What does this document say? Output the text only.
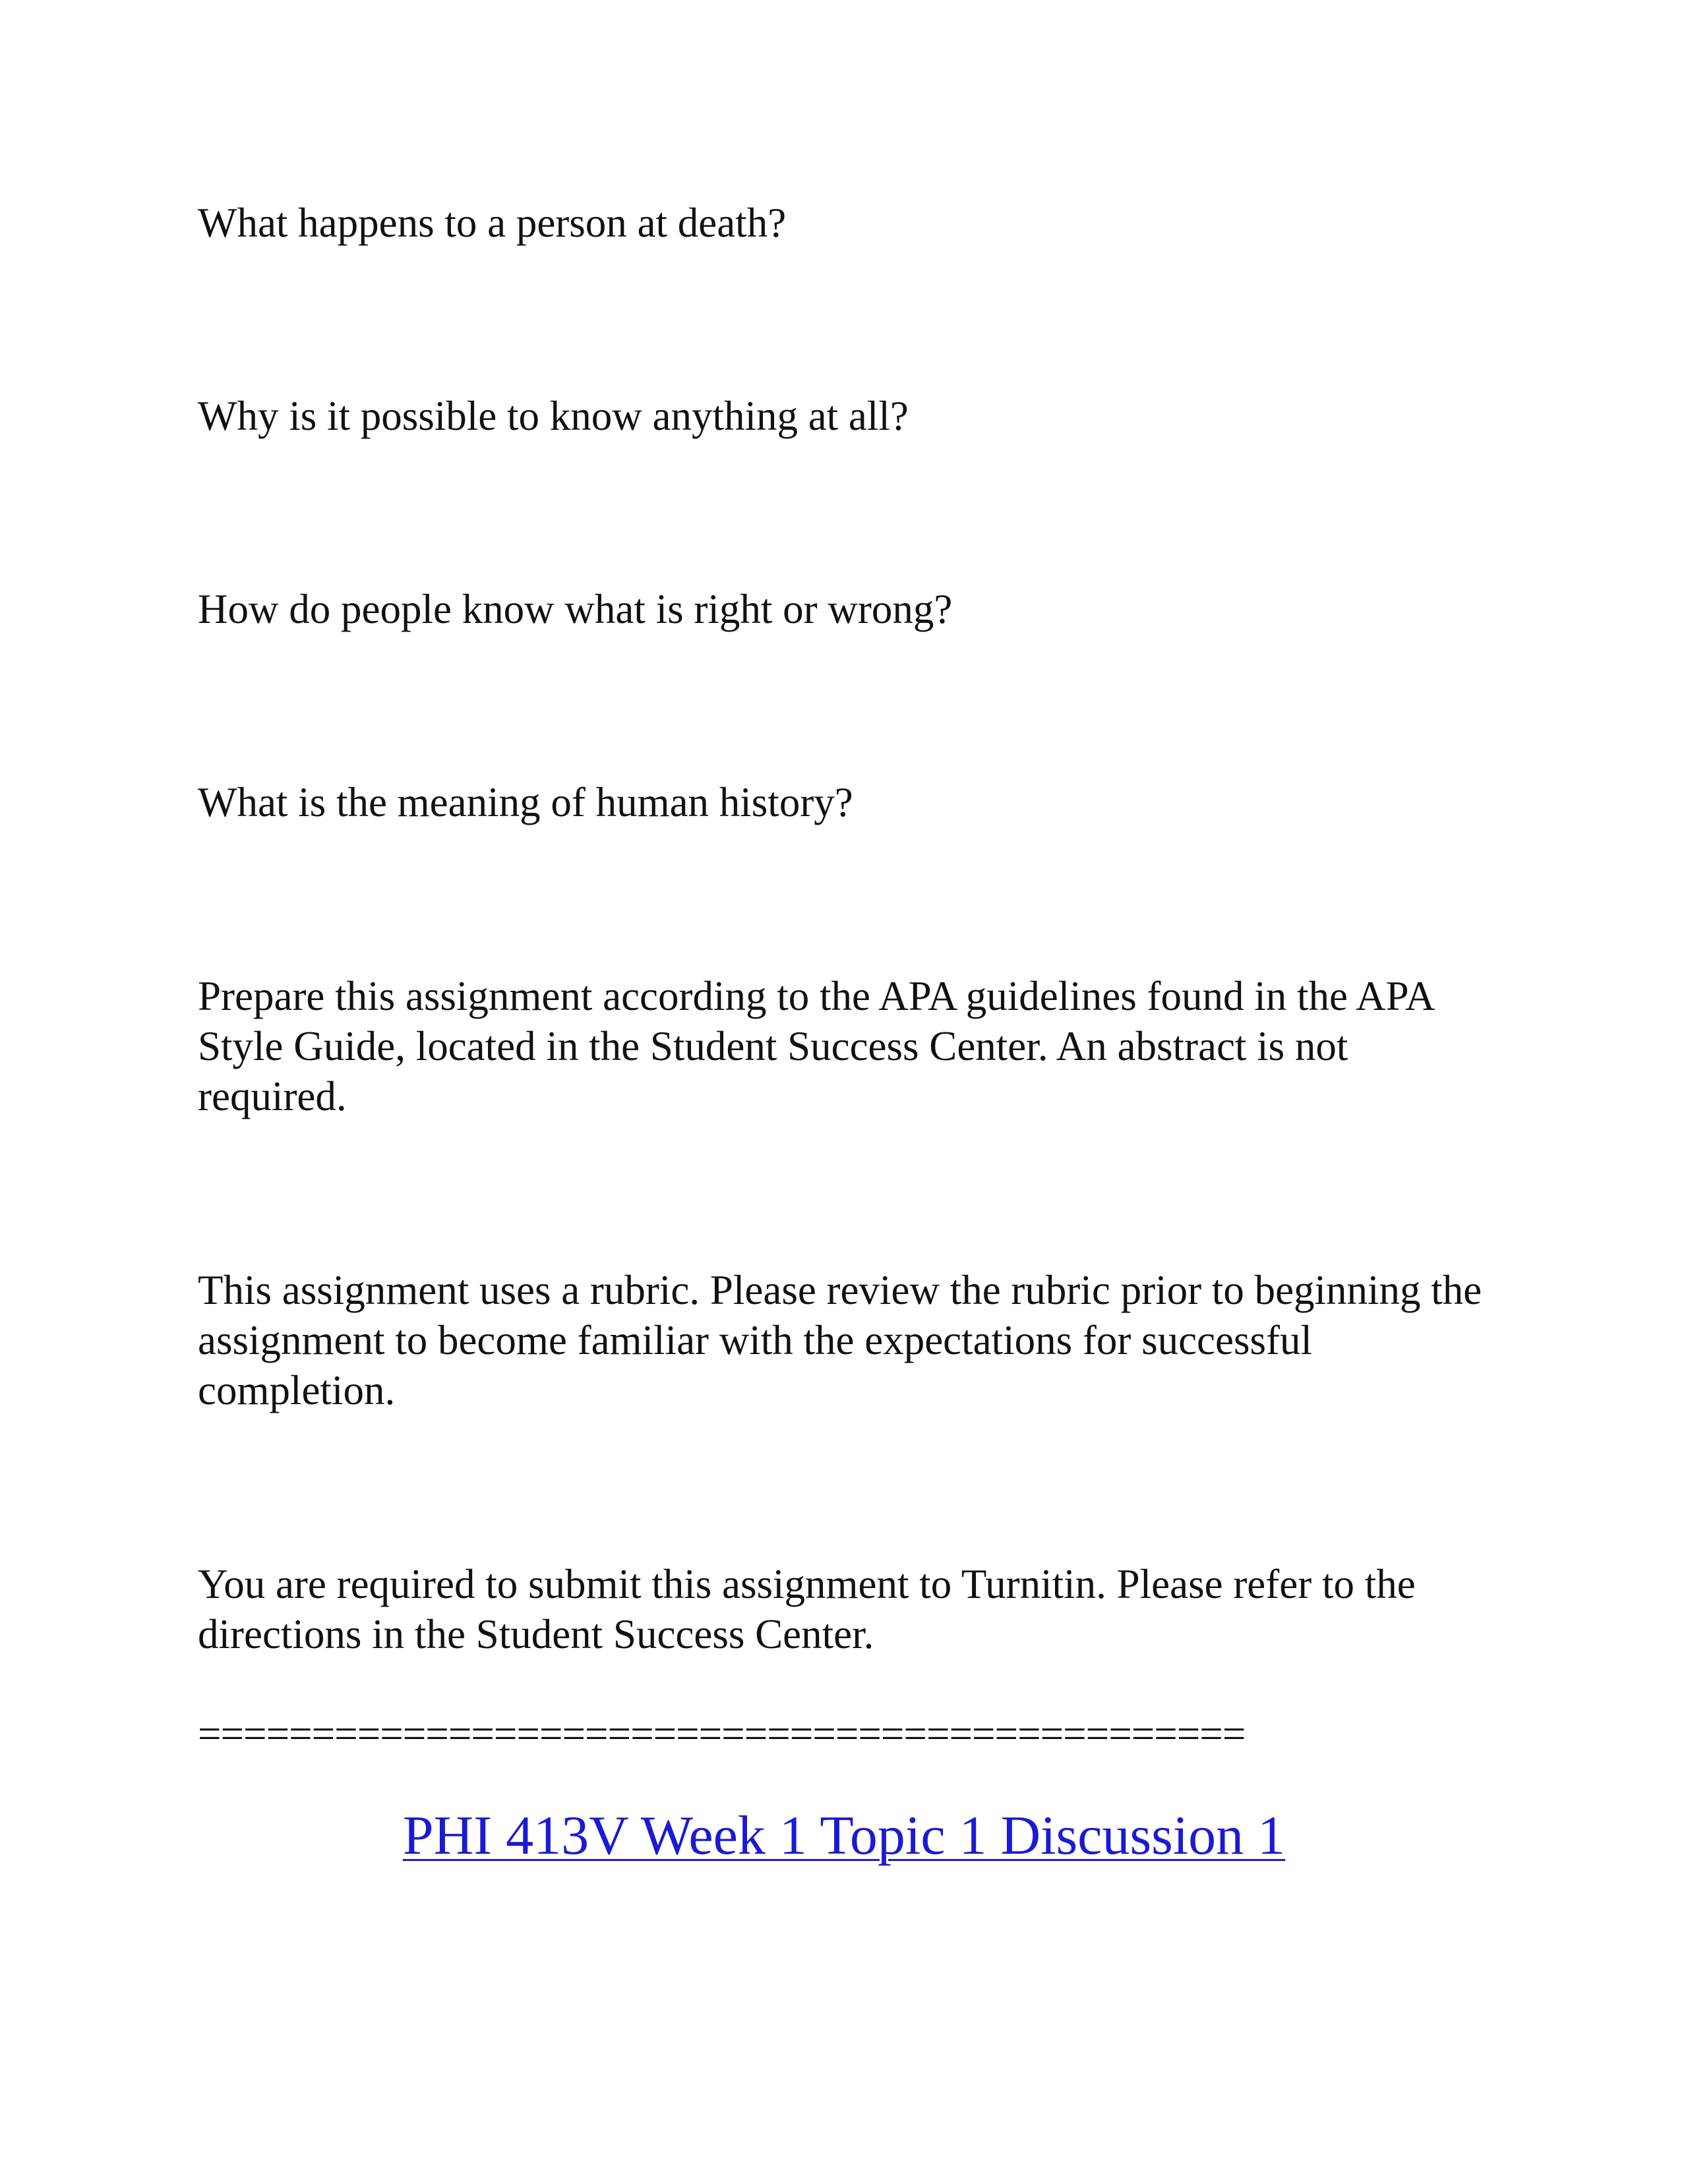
What happens to a person at death?

Why is it possible to know anything at all?

How do people know what is right or wrong?

What is the meaning of human history?

Prepare this assignment according to the APA guidelines found in the APA Style Guide, located in the Student Success Center. An abstract is not required.

This assignment uses a rubric. Please review the rubric prior to beginning the assignment to become familiar with the expectations for successful completion.

You are required to submit this assignment to Turnitin. Please refer to the directions in the Student Success Center.

==============================================

PHI 413V Week 1 Topic 1 Discussion 1
